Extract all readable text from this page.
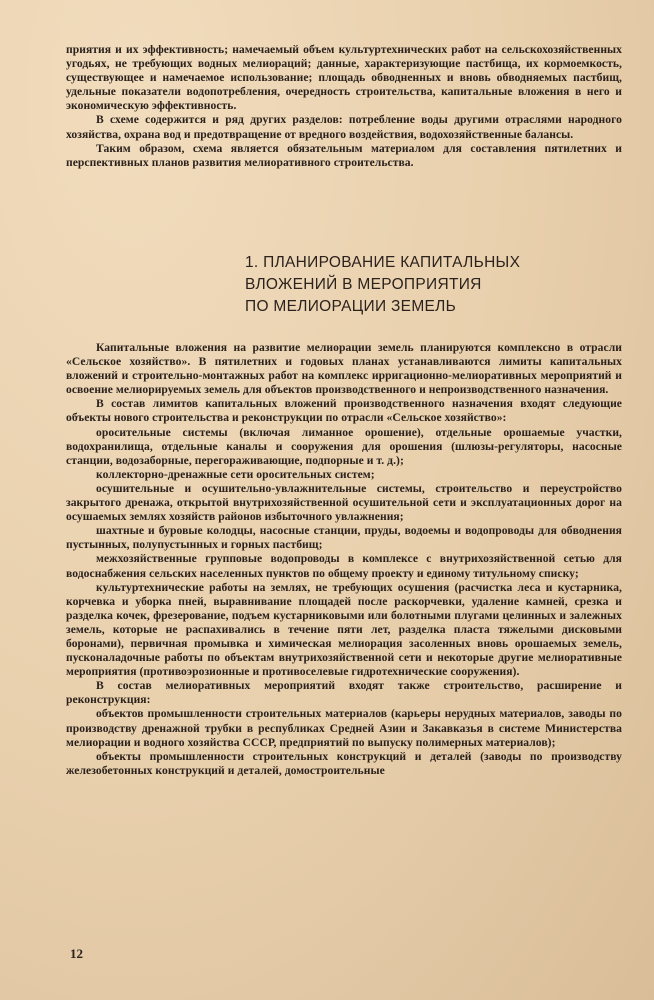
приятия и их эффективность; намечаемый объем культуртехнических работ на сельскохозяйственных угодьях, не требующих водных мелиораций; данные, характеризующие пастбища, их кормоемкость, существующее и намечаемое использование; площадь обводненных и вновь обводняемых пастбищ, удельные показатели водопотребления, очередность строительства, капитальные вложения в него и экономическую эффективность.

В схеме содержится и ряд других разделов: потребление воды другими отраслями народного хозяйства, охрана вод и предотвращение от вредного воздействия, водохозяйственные балансы.

Таким образом, схема является обязательным материалом для составления пятилетних и перспективных планов развития мелиоративного строительства.

1. ПЛАНИРОВАНИЕ КАПИТАЛЬНЫХ
ВЛОЖЕНИЙ В МЕРОПРИЯТИЯ
ПО МЕЛИОРАЦИИ ЗЕМЕЛЬ

Капитальные вложения на развитие мелиорации земель планируются комплексно в отрасли «Сельское хозяйство». В пятилетних и годовых планах устанавливаются лимиты капитальных вложений и строительно-монтажных работ на комплекс ирригационно-мелиоративных мероприятий и освоение мелиорируемых земель для объектов производственного и непроизводственного назначения.

В состав лимитов капитальных вложений производственного назначения входят следующие объекты нового строительства и реконструкции по отрасли «Сельское хозяйство»:

оросительные системы (включая лиманное орошение), отдельные орошаемые участки, водохранилища, отдельные каналы и сооружения для орошения (шлюзы-регуляторы, насосные станции, водозаборные, перегораживающие, подпорные и т. д.);

коллекторно-дренажные сети оросительных систем;

осушительные и осушительно-увлажнительные системы, строительство и переустройство закрытого дренажа, открытой внутрихозяйственной осушительной сети и эксплуатационных дорог на осушаемых землях хозяйств районов избыточного увлажнения;

шахтные и буровые колодцы, насосные станции, пруды, водоемы и водопроводы для обводнения пустынных, полупустынных и горных пастбищ;

межхозяйственные групповые водопроводы в комплексе с внутрихозяйственной сетью для водоснабжения сельских населенных пунктов по общему проекту и единому титульному списку;

культуртехнические работы на землях, не требующих осушения (расчистка леса и кустарника, корчевка и уборка пней, выравнивание площадей после раскорчевки, удаление камней, срезка и разделка кочек, фрезерование, подъем кустарниковыми или болотными плугами целинных и залежных земель, которые не распахивались в течение пяти лет, разделка пласта тяжелыми дисковыми боронами), первичная промывка и химическая мелиорация засоленных вновь орошаемых земель, пусконаладочные работы по объектам внутрихозяйственной сети и некоторые другие мелиоративные мероприятия (противоэрозионные и противоселевые гидротехнические сооружения).

В состав мелиоративных мероприятий входят также строительство, расширение и реконструкция:

объектов промышленности строительных материалов (карьеры нерудных материалов, заводы по производству дренажной трубки в республиках Средней Азии и Закавказья в системе Министерства мелиорации и водного хозяйства СССР, предприятий по выпуску полимерных материалов);

объекты промышленности строительных конструкций и деталей (заводы по производству железобетонных конструкций и деталей, домостроительные

12
